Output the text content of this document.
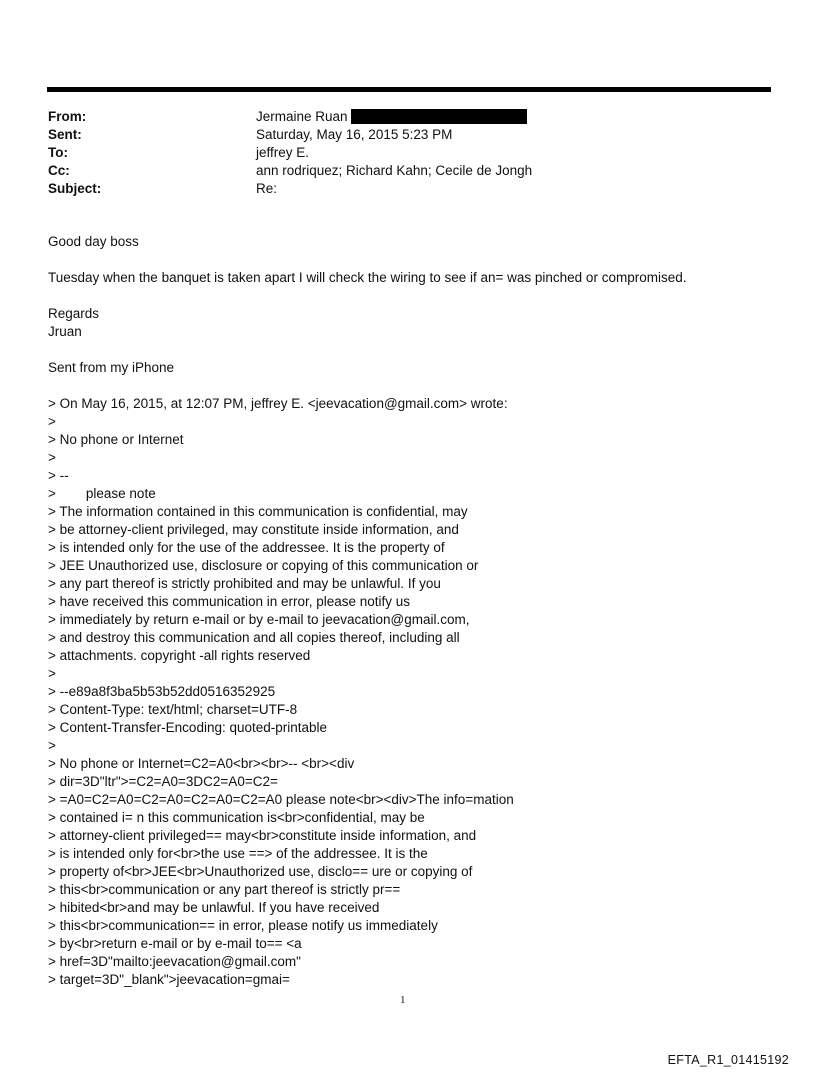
From:	Jermaine Ruan
Sent:	Saturday, May 16, 2015 5:23 PM
To:	jeffrey E.
Cc:	ann rodriquez; Richard Kahn; Cecile de Jongh
Subject:	Re:

Good day boss

Tuesday when the banquet is taken apart I will check the wiring to see if an= was pinched or compromised.

Regards

Jruan

Sent from my iPhone

> On May 16, 2015, at 12:07 PM, jeffrey E. <jeevacation@gmail.com> wrote:

>

> No phone or Internet

>

> --

>        please note

> The information contained in this communication is confidential, may

> be attorney-client privileged, may constitute inside information, and

> is intended only for the use of the addressee. It is the property of

> JEE Unauthorized use, disclosure or copying of this communication or

> any part thereof is strictly prohibited and may be unlawful. If you

> have received this communication in error, please notify us

> immediately by return e-mail or by e-mail to jeevacation@gmail.com,

> and destroy this communication and all copies thereof, including all

> attachments. copyright -all rights reserved

>

> --e89a8f3ba5b53b52dd0516352925

> Content-Type: text/html; charset=UTF-8

> Content-Transfer-Encoding: quoted-printable

>

> No phone or Internet=C2=A0<br><br>-- <br><div

> dir=3D"ltr">=C2=A0=3DC2=A0=C2=

> =A0=C2=A0=C2=A0=C2=A0=C2=A0 please note<br><div>The info=mation

> contained i= n this communication is<br>confidential, may be

> attorney-client privileged== may<br>constitute inside information, and

> is intended only for<br>the use ==> of the addressee. It is the

> property of<br>JEE<br>Unauthorized use, disclo== ure or copying of

> this<br>communication or any part thereof is strictly pr==

> hibited<br>and may be unlawful. If you have received

> this<br>communication== in error, please notify us immediately

> by<br>return e-mail or by e-mail to== <a

> href=3D"mailto:jeevacation@gmail.com"

> target=3D"_blank">jeevacation=gmai=

1
EFTA_R1_01415192
